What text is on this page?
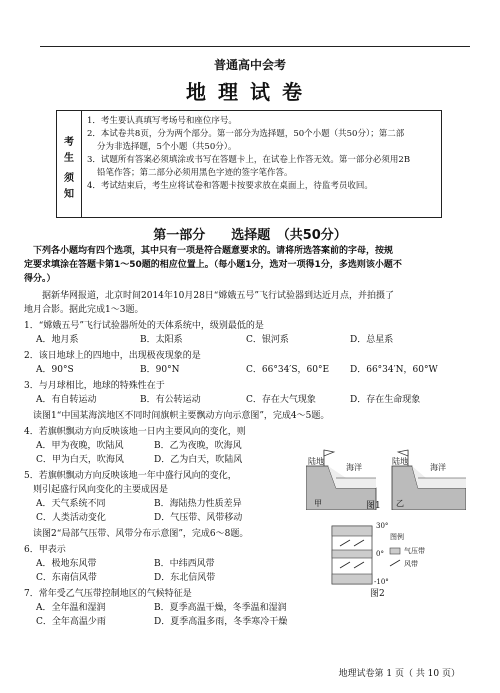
普通高中会考
地理试卷
考
生
须
知
1．考生要认真填写考场号和座位序号。
2．本试卷共8页，分为两个部分。第一部分为选择题，50个小题（共50分）；第二部
分为非选择题，5个小题（共50分）。
3．试题所有答案必须填涂或书写在答题卡上，在试卷上作答无效。第一部分必须用2B
铅笔作答；第二部分必须用黑色字迹的签字笔作答。
4．考试结束后，考生应将试卷和答题卡按要求放在桌面上，待监考员收回。
第一部分　　选择题　（共50分）
　下列各小题均有四个选项，其中只有一项是符合题意要求的。请将所选答案前的字母，按规
定要求填涂在答题卡第1～50题的相应位置上。（每小题1分，选对一项得1分，多选则该小题不
得分。）
　　据新华网报道，北京时间2014年10月28日“嫦娥五号”飞行试验器到达近月点，并拍摄了
地月合影。据此完成1～3题。
1．“嫦娥五号”飞行试验器所处的天体系统中，级别最低的是
A．地月系	B．太阳系	C．银河系	D．总星系
2．该日地球上的四地中，出现极夜现象的是
A．90°S	B．90°N	C．66°34′S，60°E D．66°34′N，60°W
3．与月球相比，地球的特殊性在于
A．有自转运动	B．有公转运动	C．存在大气现象	D．存在生命现象
　读图1“中国某海滨地区不同时间旗帜主要飘动方向示意图”，完成4～5题。
4．若旗帜飘动方向反映该地一日内主要风向的变化，则
A．甲为夜晚，吹陆风	B．乙为夜晚，吹海风
C．甲为白天，吹海风	D．乙为白天，吹陆风
5．若旗帜飘动方向反映该地一年中盛行风向的变化，
　则引起盛行风向变化的主要成因是
A．天气系统不同	B．海陆热力性质差异
C．人类活动变化	D．气压带、风带移动
　读图2“局部气压带、风带分布示意图”，完成6～8题。
6．甲表示
A．极地东风带	B．中纬西风带
C．东南信风带	D．东北信风带
7．常年受乙气压带控制地区的气候特征是
A．全年温和湿润	B．夏季高温干燥，冬季温和湿润
C．全年高温少雨	D．夏季高温多雨，冬季寒冷干燥
陆地
海洋
陆地
海洋
甲	乙
图1
30°
0°
-10°
图例
气压带
风带
图2
地理试卷第 1 页（ 共 10 页）
